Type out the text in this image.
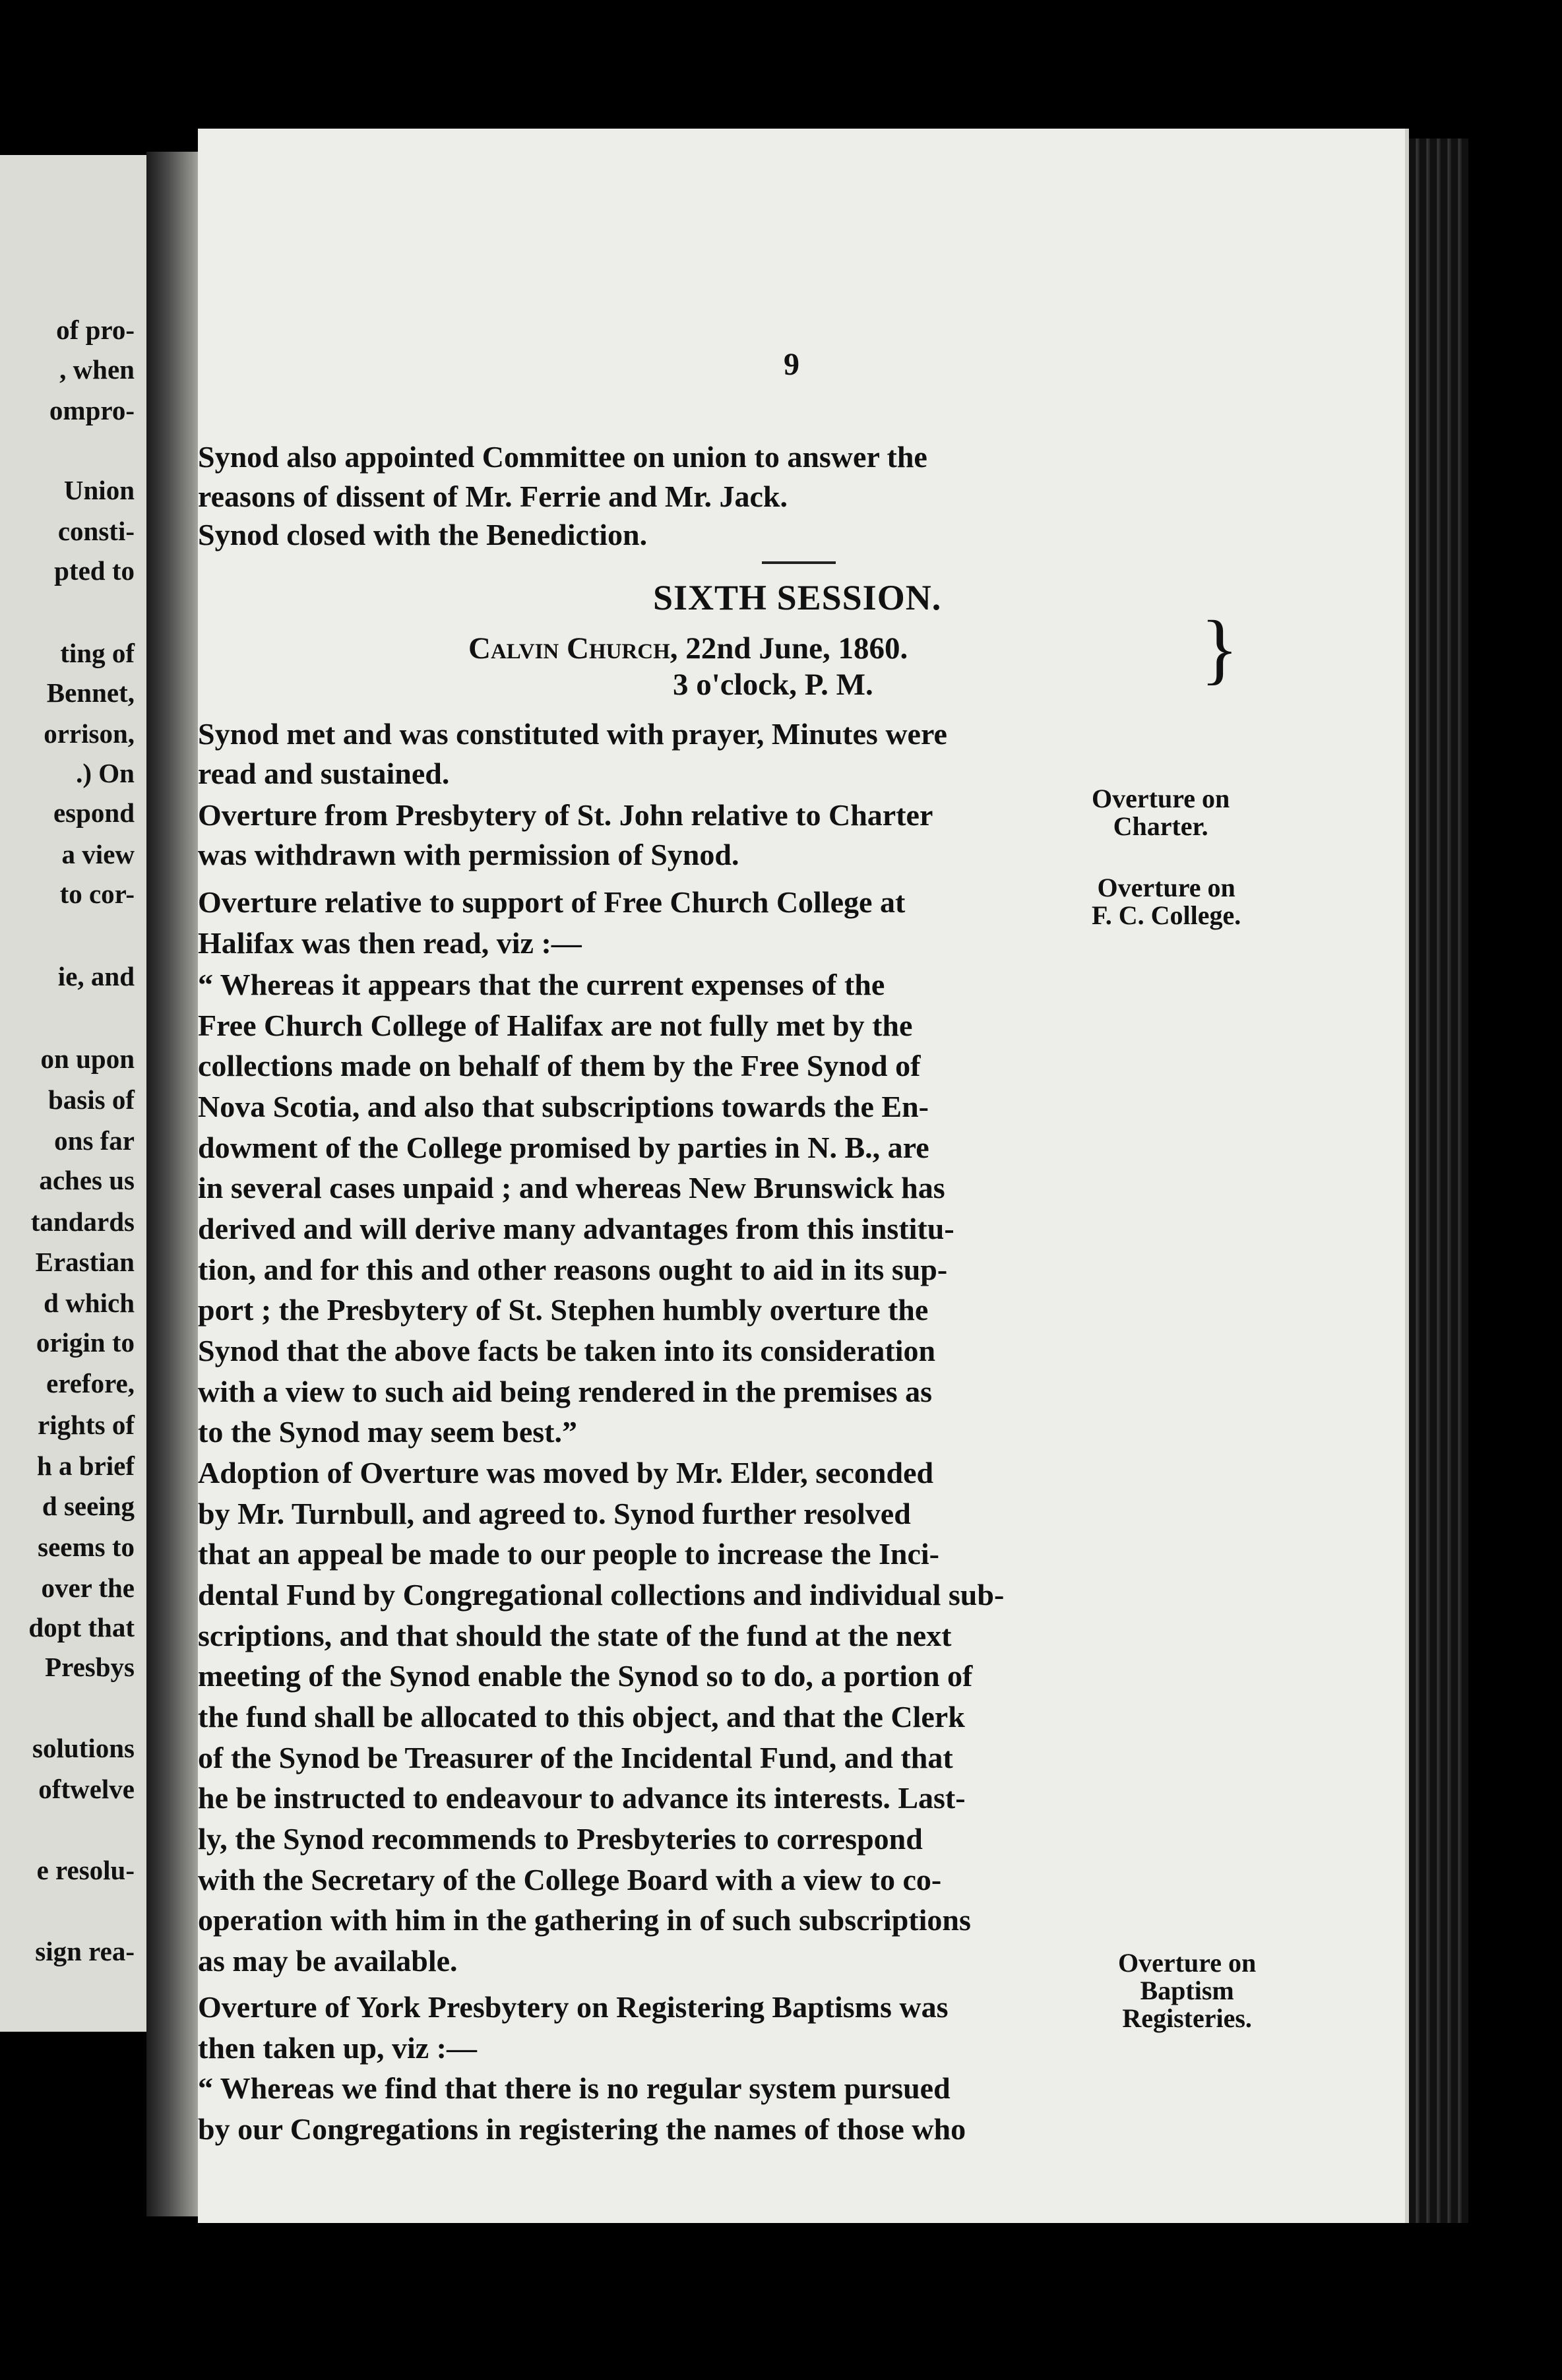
of pro-
, when
ompro-
Union
consti-
pted to
ting of
Bennet,
orrison,
.) On
espond
a view
to cor-
ie, and
on upon
basis of
ons far
aches us
tandards
Erastian
d which
origin to
erefore,
rights of
h a brief
d seeing
seems to
over the
dopt that
Presbys
solutions
oftwelve
e resolu-
sign rea-
9
Synod also appointed Committee on union to answer the
reasons of dissent of Mr. Ferrie and Mr. Jack.
Synod closed with the Benediction.
SIXTH SESSION.
Calvin Church, 22nd June, 1860.
3 o'clock, P. M.	}
Synod met and was constituted with prayer, Minutes were
read and sustained.
Overture from Presbytery of St. John relative to Charter
was withdrawn with permission of Synod.
Overture relative to support of Free Church College at
Halifax was then read, viz :—
“ Whereas it appears that the current expenses of the
Free Church College of Halifax are not fully met by the
collections made on behalf of them by the Free Synod of
Nova Scotia, and also that subscriptions towards the En-
dowment of the College promised by parties in N. B., are
in several cases unpaid ; and whereas New Brunswick has
derived and will derive many advantages from this institu-
tion, and for this and other reasons ought to aid in its sup-
port ; the Presbytery of St. Stephen humbly overture the
Synod that the above facts be taken into its consideration
with a view to such aid being rendered in the premises as
to the Synod may seem best.”
Adoption of Overture was moved by Mr. Elder, seconded
by Mr. Turnbull, and agreed to. Synod further resolved
that an appeal be made to our people to increase the Inci-
dental Fund by Congregational collections and individual sub-
scriptions, and that should the state of the fund at the next
meeting of the Synod enable the Synod so to do, a portion of
the fund shall be allocated to this object, and that the Clerk
of the Synod be Treasurer of the Incidental Fund, and that
he be instructed to endeavour to advance its interests. Last-
ly, the Synod recommends to Presbyteries to correspond
with the Secretary of the College Board with a view to co-
operation with him in the gathering in of such subscriptions
as may be available.
Overture of York Presbytery on Registering Baptisms was
then taken up, viz :—
“ Whereas we find that there is no regular system pursued
by our Congregations in registering the names of those who
Overture on
Charter.
Overture on
F. C. College.
Overture on
Baptism
Registeries.
